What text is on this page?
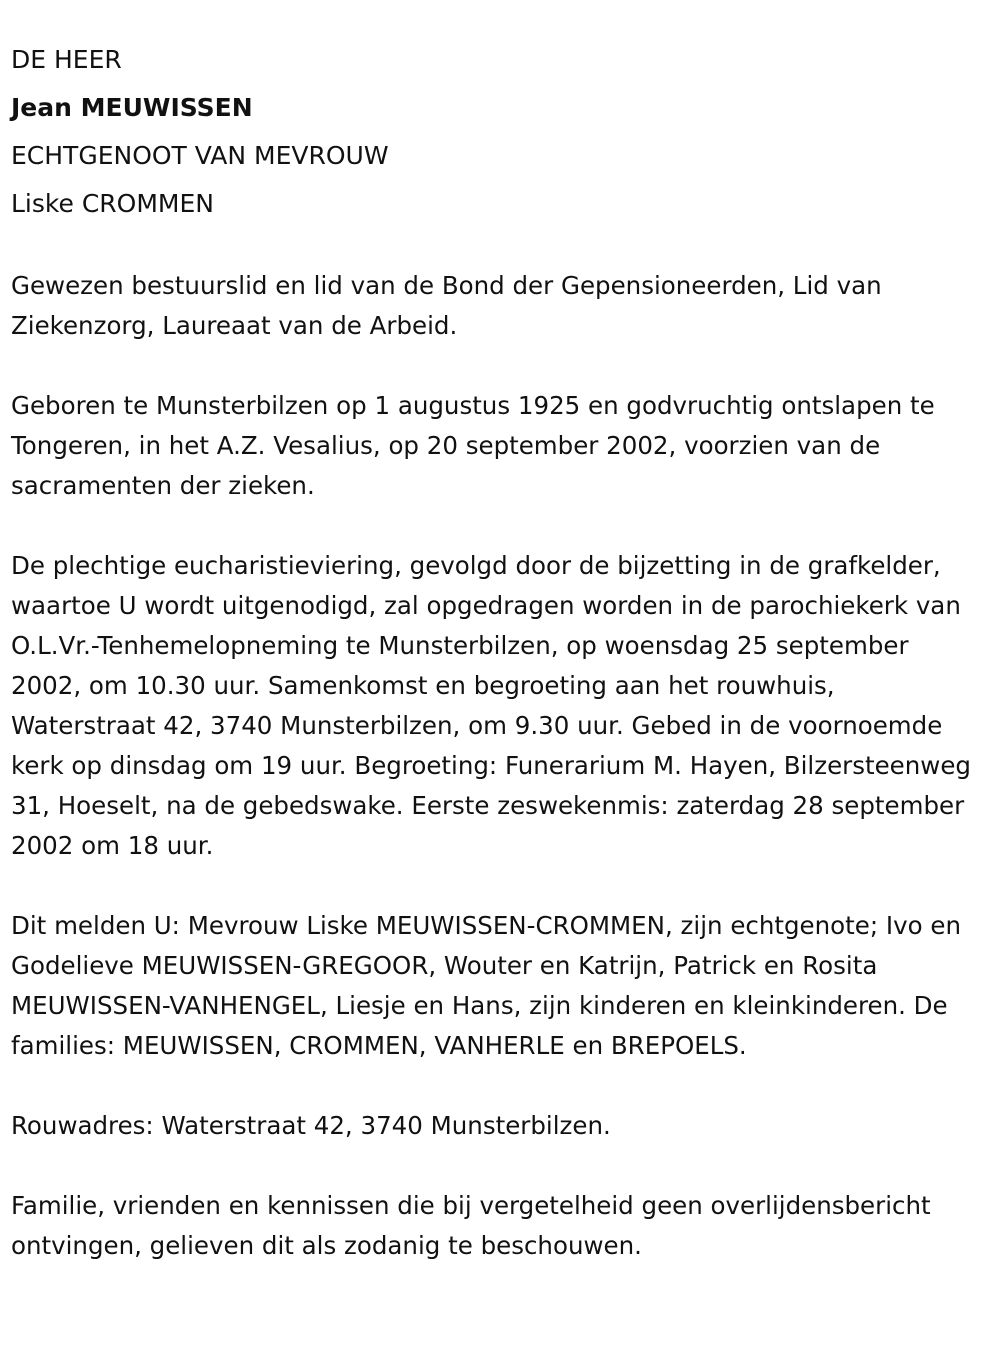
DE HEER

Jean MEUWISSEN

ECHTGENOOT VAN MEVROUW

Liske CROMMEN

Gewezen bestuurslid en lid van de Bond der Gepensioneerden, Lid van Ziekenzorg, Laureaat van de Arbeid.

Geboren te Munsterbilzen op 1 augustus 1925 en godvruchtig ontslapen te Tongeren, in het A.Z. Vesalius, op 20 september 2002, voorzien van de sacramenten der zieken.

De plechtige eucharistieviering, gevolgd door de bijzetting in de grafkelder, waartoe U wordt uitgenodigd, zal opgedragen worden in de parochiekerk van O.L.Vr.-Tenhemelopneming te Munsterbilzen, op woensdag 25 september 2002, om 10.30 uur. Samenkomst en begroeting aan het rouwhuis, Waterstraat 42, 3740 Munsterbilzen, om 9.30 uur. Gebed in de voornoemde kerk op dinsdag om 19 uur. Begroeting: Funerarium M. Hayen, Bilzersteenweg 31, Hoeselt, na de gebedswake. Eerste zeswekenmis: zaterdag 28 september 2002 om 18 uur.

Dit melden U: Mevrouw Liske MEUWISSEN-CROMMEN, zijn echtgenote; Ivo en Godelieve MEUWISSEN-GREGOOR, Wouter en Katrijn, Patrick en Rosita MEUWISSEN-VANHENGEL, Liesje en Hans, zijn kinderen en kleinkinderen. De families: MEUWISSEN, CROMMEN, VANHERLE en BREPOELS.

Rouwadres: Waterstraat 42, 3740 Munsterbilzen.

Familie, vrienden en kennissen die bij vergetelheid geen overlijdensbericht ontvingen, gelieven dit als zodanig te beschouwen.
